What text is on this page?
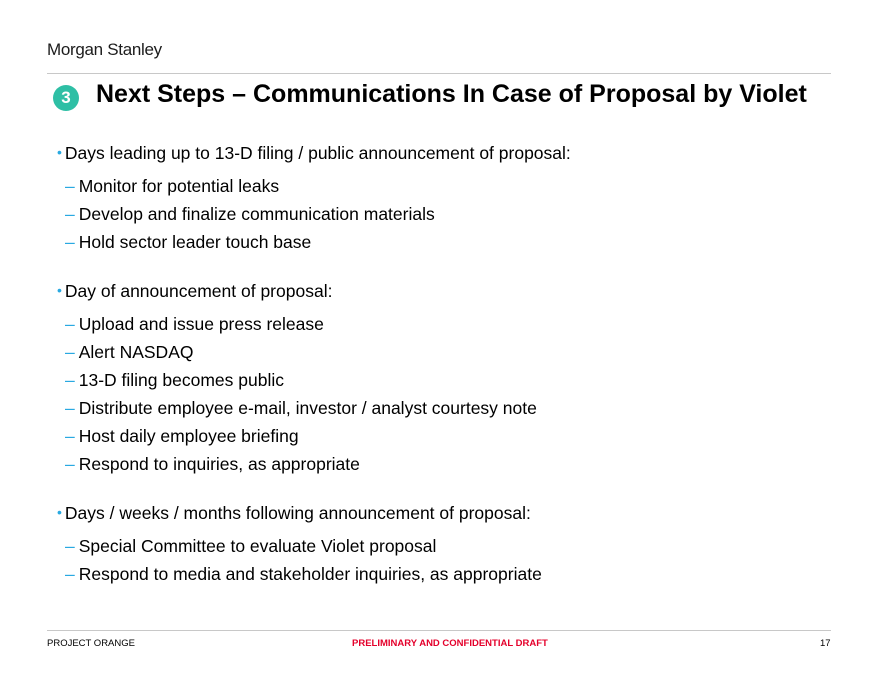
Morgan Stanley
3	Next Steps – Communications In Case of Proposal by Violet
• Days leading up to 13-D filing / public announcement of proposal:
– Monitor for potential leaks
– Develop and finalize communication materials
– Hold sector leader touch base
• Day of announcement of proposal:
– Upload and issue press release
– Alert NASDAQ
– 13-D filing becomes public
– Distribute employee e-mail, investor / analyst courtesy note
– Host daily employee briefing
– Respond to inquiries, as appropriate
• Days / weeks / months following announcement of proposal:
– Special Committee to evaluate Violet proposal
– Respond to media and stakeholder inquiries, as appropriate
PROJECT ORANGE	PRELIMINARY AND CONFIDENTIAL DRAFT	17
